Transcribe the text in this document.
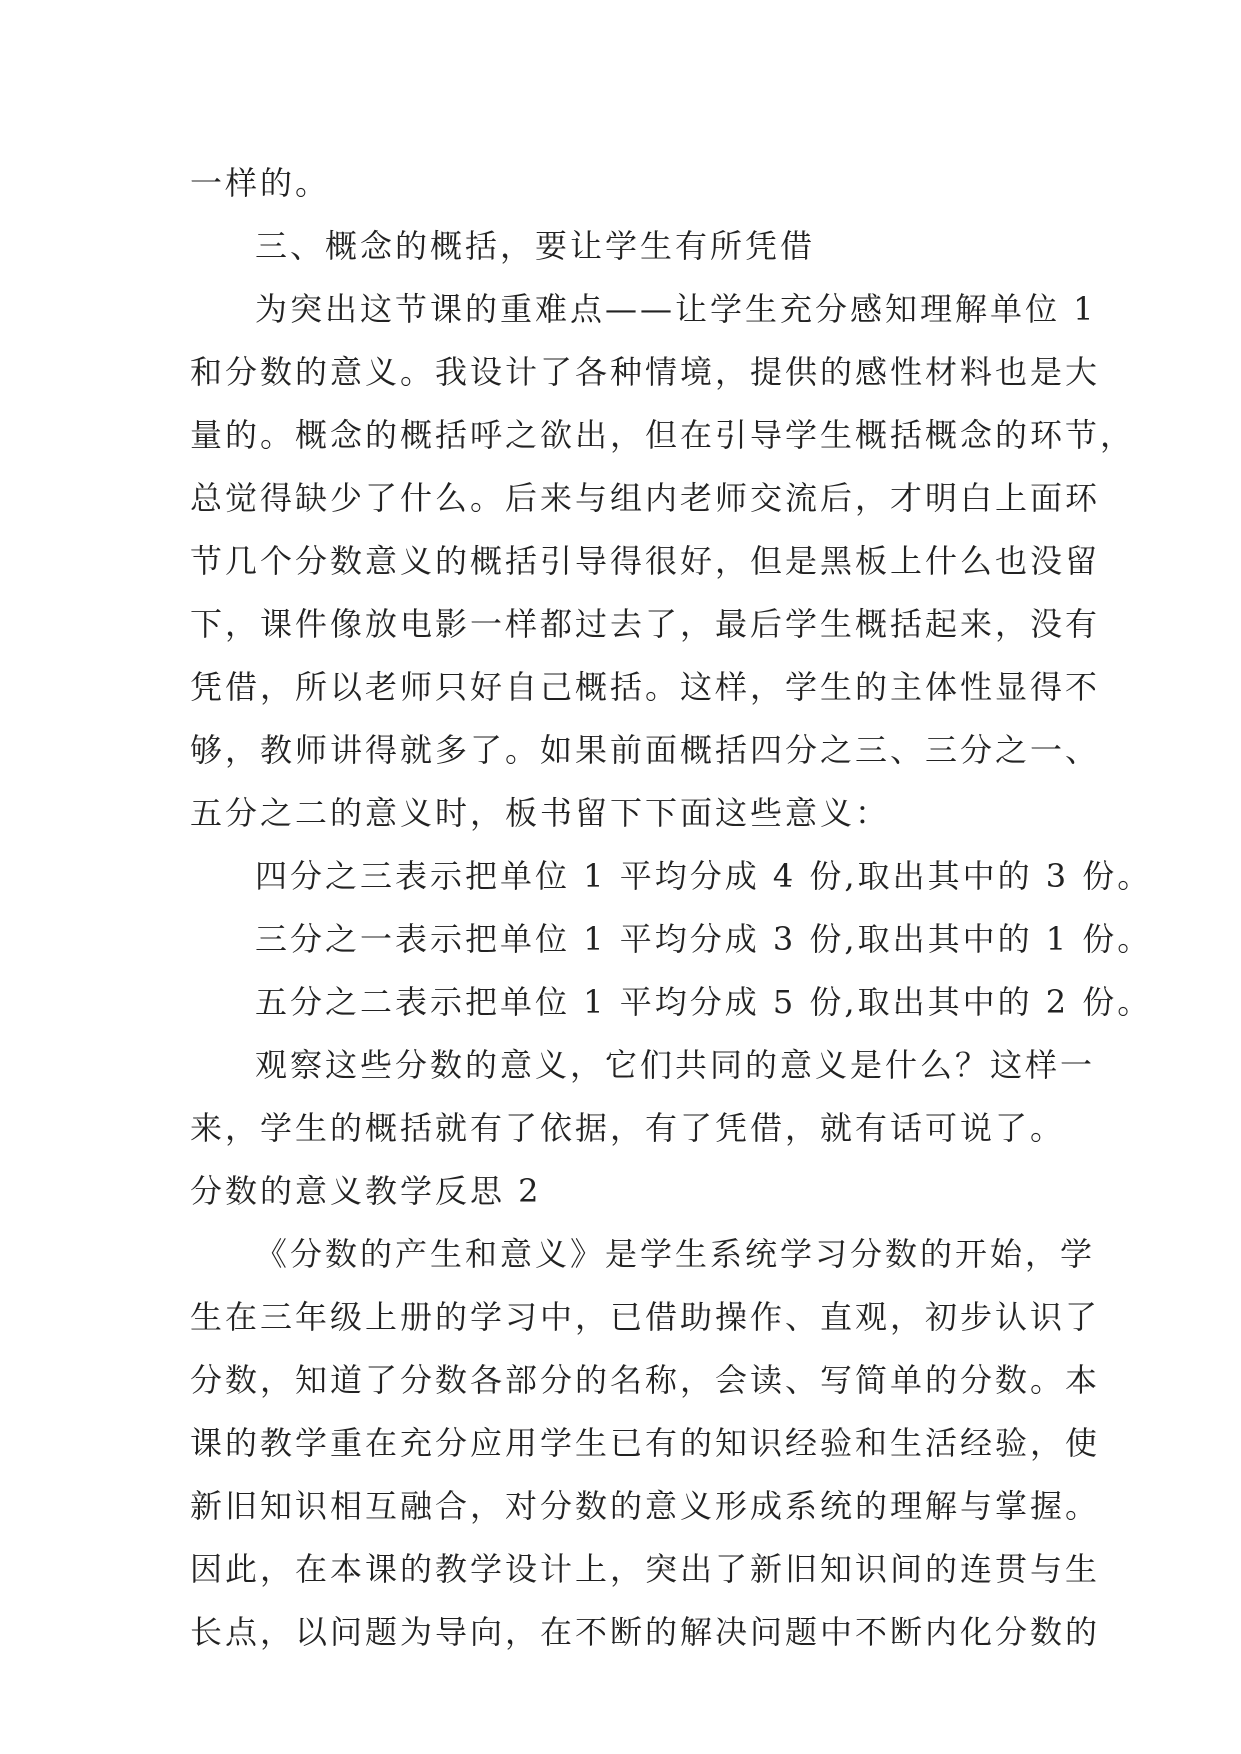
一样的。
三、概念的概括，要让学生有所凭借
为突出这节课的重难点——让学生充分感知理解单位 1
和分数的意义。我设计了各种情境，提供的感性材料也是大
量的。概念的概括呼之欲出，但在引导学生概括概念的环节，
总觉得缺少了什么。后来与组内老师交流后，才明白上面环
节几个分数意义的概括引导得很好，但是黑板上什么也没留
下，课件像放电影一样都过去了，最后学生概括起来，没有
凭借，所以老师只好自己概括。这样，学生的主体性显得不
够，教师讲得就多了。如果前面概括四分之三、三分之一、
五分之二的意义时，板书留下下面这些意义：
四分之三表示把单位 1 平均分成 4 份,取出其中的 3 份。
三分之一表示把单位 1 平均分成 3 份,取出其中的 1 份。
五分之二表示把单位 1 平均分成 5 份,取出其中的 2 份。
观察这些分数的意义，它们共同的意义是什么？这样一
来，学生的概括就有了依据，有了凭借，就有话可说了。
分数的意义教学反思 2
《分数的产生和意义》是学生系统学习分数的开始，学
生在三年级上册的学习中，已借助操作、直观，初步认识了
分数，知道了分数各部分的名称，会读、写简单的分数。本
课的教学重在充分应用学生已有的知识经验和生活经验，使
新旧知识相互融合，对分数的意义形成系统的理解与掌握。
因此，在本课的教学设计上，突出了新旧知识间的连贯与生
长点，以问题为导向，在不断的解决问题中不断内化分数的
